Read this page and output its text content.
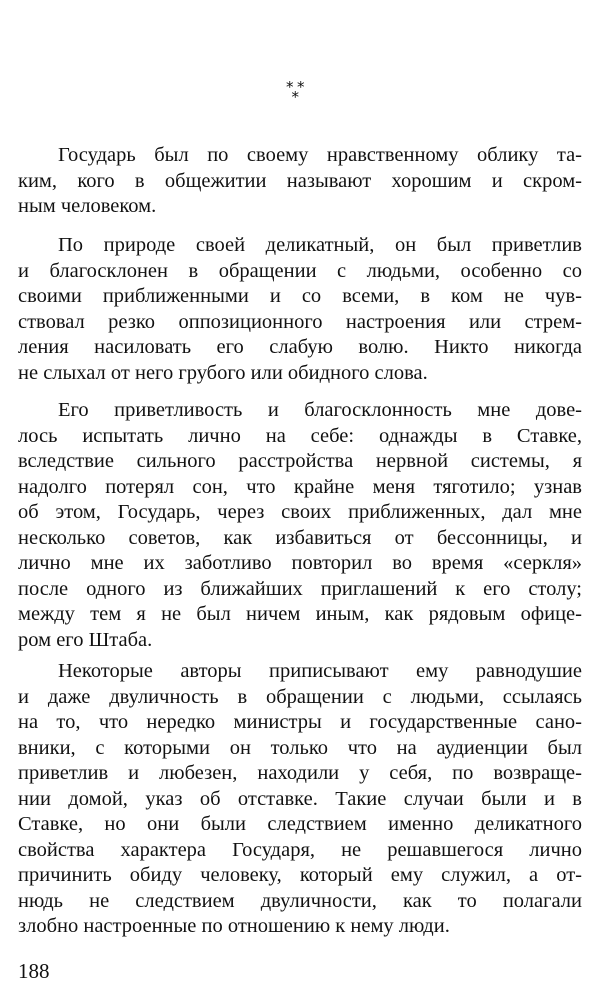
* *
*
Государь был по своему нравственному облику та-
ким, кого в общежитии называют хорошим и скром-
ным человеком.
По природе своей деликатный, он был приветлив
и благосклонен в обращении с людьми, особенно со
своими приближенными и со всеми, в ком не чув-
ствовал резко оппозиционного настроения или стрем-
ления насиловать его слабую волю. Никто никогда
не слыхал от него грубого или обидного слова.
Его приветливость и благосклонность мне дове-
лось испытать лично на себе: однажды в Ставке,
вследствие сильного расстройства нервной системы, я
надолго потерял сон, что крайне меня тяготило; узнав
об этом, Государь, через своих приближенных, дал мне
несколько советов, как избавиться от бессонницы, и
лично мне их заботливо повторил во время «серкля»
после одного из ближайших приглашений к его столу;
между тем я не был ничем иным, как рядовым офице-
ром его Штаба.
Некоторые авторы приписывают ему равнодушие
и даже двуличность в обращении с людьми, ссылаясь
на то, что нередко министры и государственные сано-
вники, с которыми он только что на аудиенции был
приветлив и любезен, находили у себя, по возвраще-
нии домой, указ об отставке. Такие случаи были и в
Ставке, но они были следствием именно деликатного
свойства характера Государя, не решавшегося лично
причинить обиду человеку, который ему служил, а от-
нюдь не следствием двуличности, как то полагали
злобно настроенные по отношению к нему люди.
188
